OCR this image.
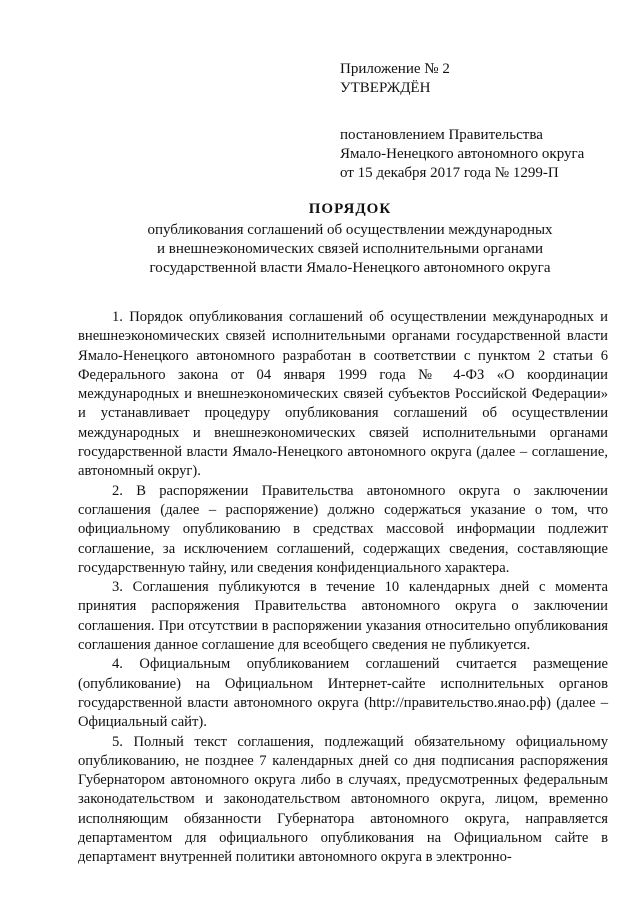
Приложение № 2
УТВЕРЖДЁН
постановлением Правительства
Ямало-Ненецкого автономного округа
от 15 декабря 2017 года № 1299-П
ПОРЯДОК
опубликования соглашений об осуществлении международных
и внешнеэкономических связей исполнительными органами
государственной власти Ямало-Ненецкого автономного округа

1. Порядок опубликования соглашений об осуществлении международных и внешнеэкономических связей исполнительными органами государственной власти Ямало-Ненецкого автономного разработан в соответствии с пунктом 2 статьи 6 Федерального закона от 04 января 1999 года № 4-ФЗ «О координации международных и внешнеэкономических связей субъектов Российской Федерации» и устанавливает процедуру опубликования соглашений об осуществлении международных и внешнеэкономических связей исполнительными органами государственной власти Ямало-Ненецкого автономного округа (далее – соглашение, автономный округ).

2. В распоряжении Правительства автономного округа о заключении соглашения (далее – распоряжение) должно содержаться указание о том, что официальному опубликованию в средствах массовой информации подлежит соглашение, за исключением соглашений, содержащих сведения, составляющие государственную тайну, или сведения конфиденциального характера.

3. Соглашения публикуются в течение 10 календарных дней с момента принятия распоряжения Правительства автономного округа о заключении соглашения. При отсутствии в распоряжении указания относительно опубликования соглашения данное соглашение для всеобщего сведения не публикуется.

4. Официальным опубликованием соглашений считается размещение (опубликование) на Официальном Интернет-сайте исполнительных органов государственной власти автономного округа (http://правительство.янао.рф) (далее – Официальный сайт).

5. Полный текст соглашения, подлежащий обязательному официальному опубликованию, не позднее 7 календарных дней со дня подписания распоряжения Губернатором автономного округа либо в случаях, предусмотренных федеральным законодательством и законодательством автономного округа, лицом, временно исполняющим обязанности Губернатора автономного округа, направляется департаментом для официального опубликования на Официальном сайте в департамент внутренней политики автономного округа в электронно-
